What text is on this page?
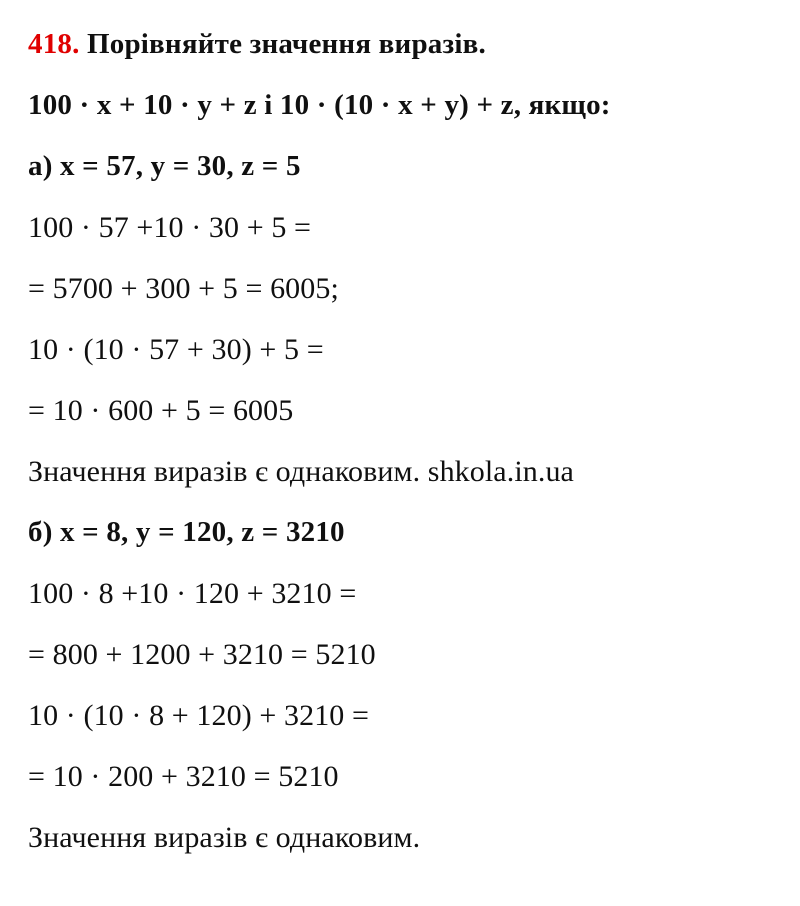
418. Порівняйте значення виразів.
100 · x + 10 · y + z і 10 · (10 · x + y) + z, якщо:
а) x = 57, y = 30, z = 5
100 · 57 +10 · 30 + 5 =
= 5700 + 300 + 5 = 6005;
10 · (10 · 57 + 30) + 5 =
= 10 · 600 + 5 = 6005
Значення виразів є однаковим. shkola.in.ua
б) x = 8, y = 120, z = 3210
100 · 8 +10 · 120 + 3210 =
= 800 + 1200 + 3210 = 5210
10 · (10 · 8 + 120) + 3210 =
= 10 · 200 + 3210 = 5210
Значення виразів є однаковим.
